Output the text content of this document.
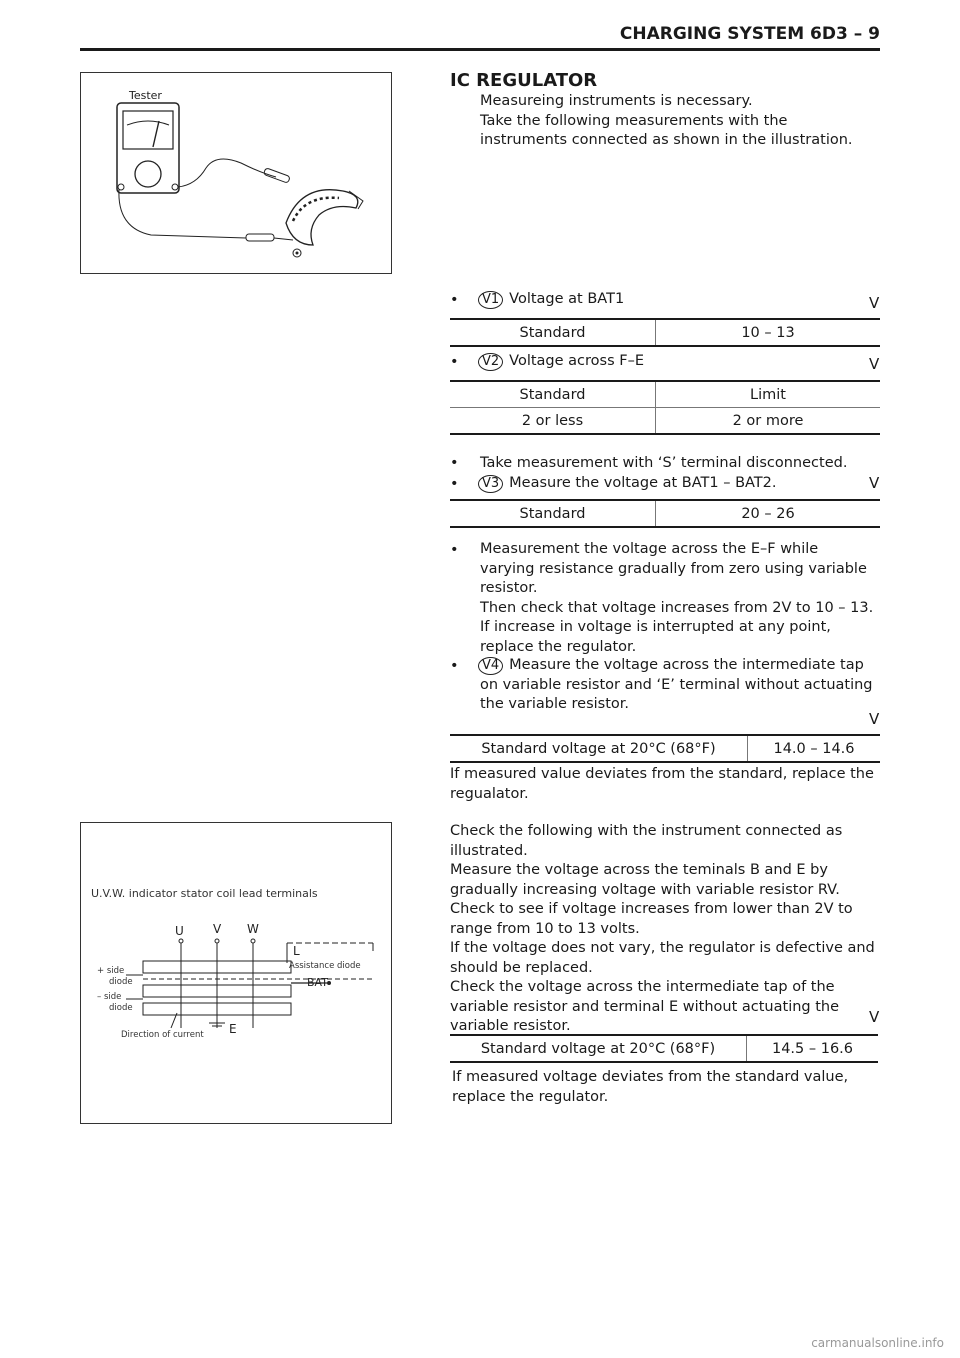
CHARGING SYSTEM 6D3 – 9
Tester
IC REGULATOR
Measureing instruments is necessary.
Take the following measurements with the
instruments connected as shown in the illustration.
•	V1 Voltage at BAT1	V
Standard	10 – 13
•	V2 Voltage across F–E	V
Standard	Limit
2 or less	2 or more
• Take measurement with ‘S’ terminal disconnected.
•	V3 Measure the voltage at BAT1 – BAT2.	V
Standard	20 – 26
• Measurement the voltage across the E–F while
varying resistance gradually from zero using variable
resistor.
Then check that voltage increases from 2V to 10 – 13.
If increase in voltage is interrupted at any point,
replace the regulator.
•	V4 Measure the voltage across the intermediate tap
on variable resistor and ‘E’ terminal without actuating
the variable resistor.
V
Standard voltage at 20°C (68°F)	14.0 – 14.6
If measured value deviates from the standard, replace the
regualator.
Check the following with the instrument connected as
illustrated.
Measure the voltage across the teminals B and E by
gradually increasing voltage with variable resistor RV.
Check to see if voltage increases from lower than 2V to
range from 10 to 13 volts.
If the voltage does not vary, the regulator is defective and
should be replaced.
Check the voltage across the intermediate tap of the
variable resistor and terminal E without actuating the
variable resistor.	V
Standard voltage at 20°C (68°F)	14.5 – 16.6
If measured voltage deviates from the standard value,
replace the regulator.
U.V.W. indicator stator coil lead terminals
U V W
L
Assistance diode
BAT
+ side
diode
– side
diode
E
Direction of current
carmanualsonline.info
